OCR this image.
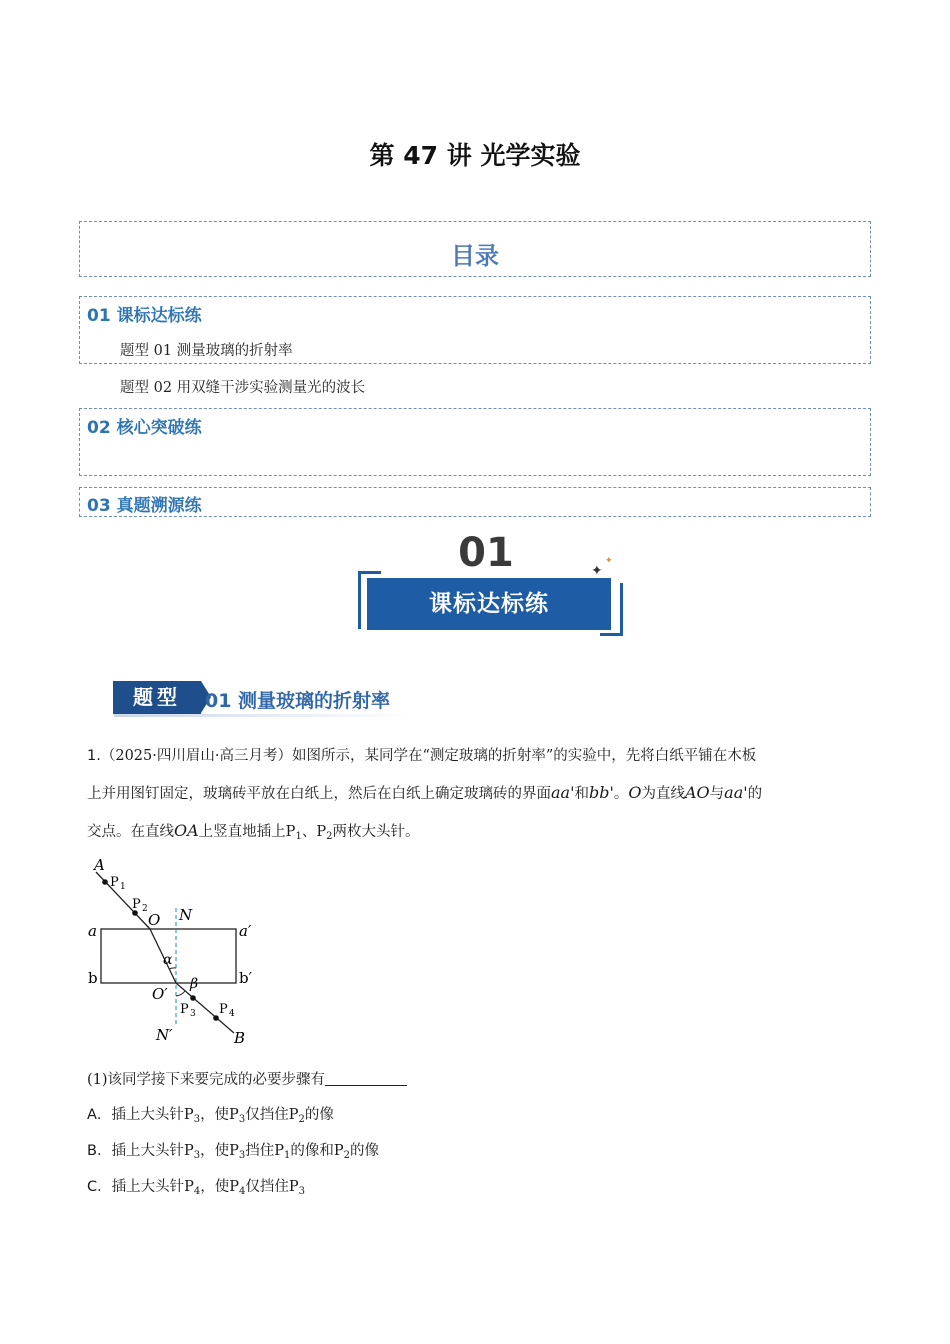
第 47 讲 光学实验
目录
01 课标达标练
题型 01 测量玻璃的折射率
题型 02 用双缝干涉实验测量光的波长
02 核心突破练
03 真题溯源练
01
课标达标练
✦
✦
题型	01 测量玻璃的折射率
1.（2025·四川眉山·高三月考）如图所示，某同学在“测定玻璃的折射率”的实验中，先将白纸平铺在木板
上并用图钉固定，玻璃砖平放在白纸上，然后在白纸上确定玻璃砖的界面aa'和bb'。O为直线AO与aa'的
交点。在直线OA上竖直地插上$P_1$、$P_2$两枚大头针。
A
P 1
P 2
O N
a	a′
b	b′
α
β
O′
P 3 P 4
N′	B
(1)该同学接下来要完成的必要步骤有
A．插上大头针$P_3$，使$P_3$仅挡住$P_2$的像
B．插上大头针$P_3$，使$P_3$挡住$P_1$的像和$P_2$的像
C．插上大头针$P_4$，使$P_4$仅挡住$P_3$
